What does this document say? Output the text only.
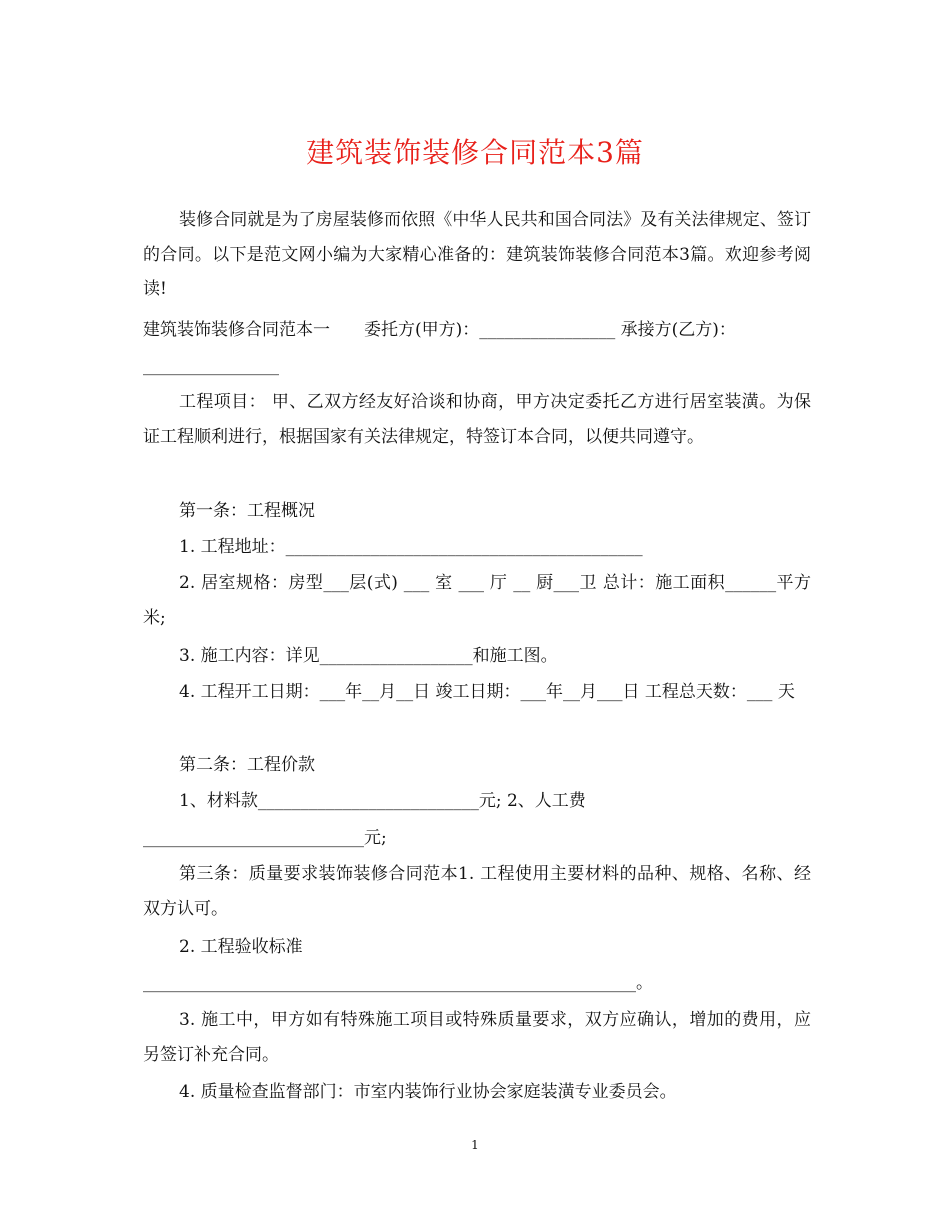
建筑装饰装修合同范本3篇

装修合同就是为了房屋装修而依照《中华人民共和国合同法》及有关法律规定、签订的合同。以下是范文网小编为大家精心准备的：建筑装饰装修合同范本3篇。欢迎参考阅读!

建筑装饰装修合同范本一　　委托方(甲方)：________________ 承接方(乙方)：

________________

工程项目： 甲、乙双方经友好洽谈和协商，甲方决定委托乙方进行居室装潢。为保证工程顺利进行，根据国家有关法律规定，特签订本合同，以便共同遵守。

第一条：工程概况

1. 工程地址：__________________________________________

2. 居室规格：房型___层(式) ___ 室 ___ 厅 __ 厨___卫 总计：施工面积______平方米;

3. 施工内容：详见__________________和施工图。

4. 工程开工日期：___年__月__日 竣工日期：___年__月___日 工程总天数：___ 天

第二条：工程价款

1、材料款__________________________元; 2、人工费

__________________________元;

第三条：质量要求装饰装修合同范本1. 工程使用主要材料的品种、规格、名称、经双方认可。

2. 工程验收标准

__________________________________________________________。

3. 施工中，甲方如有特殊施工项目或特殊质量要求，双方应确认，增加的费用，应另签订补充合同。

4. 质量检查监督部门：市室内装饰行业协会家庭装潢专业委员会。

1
